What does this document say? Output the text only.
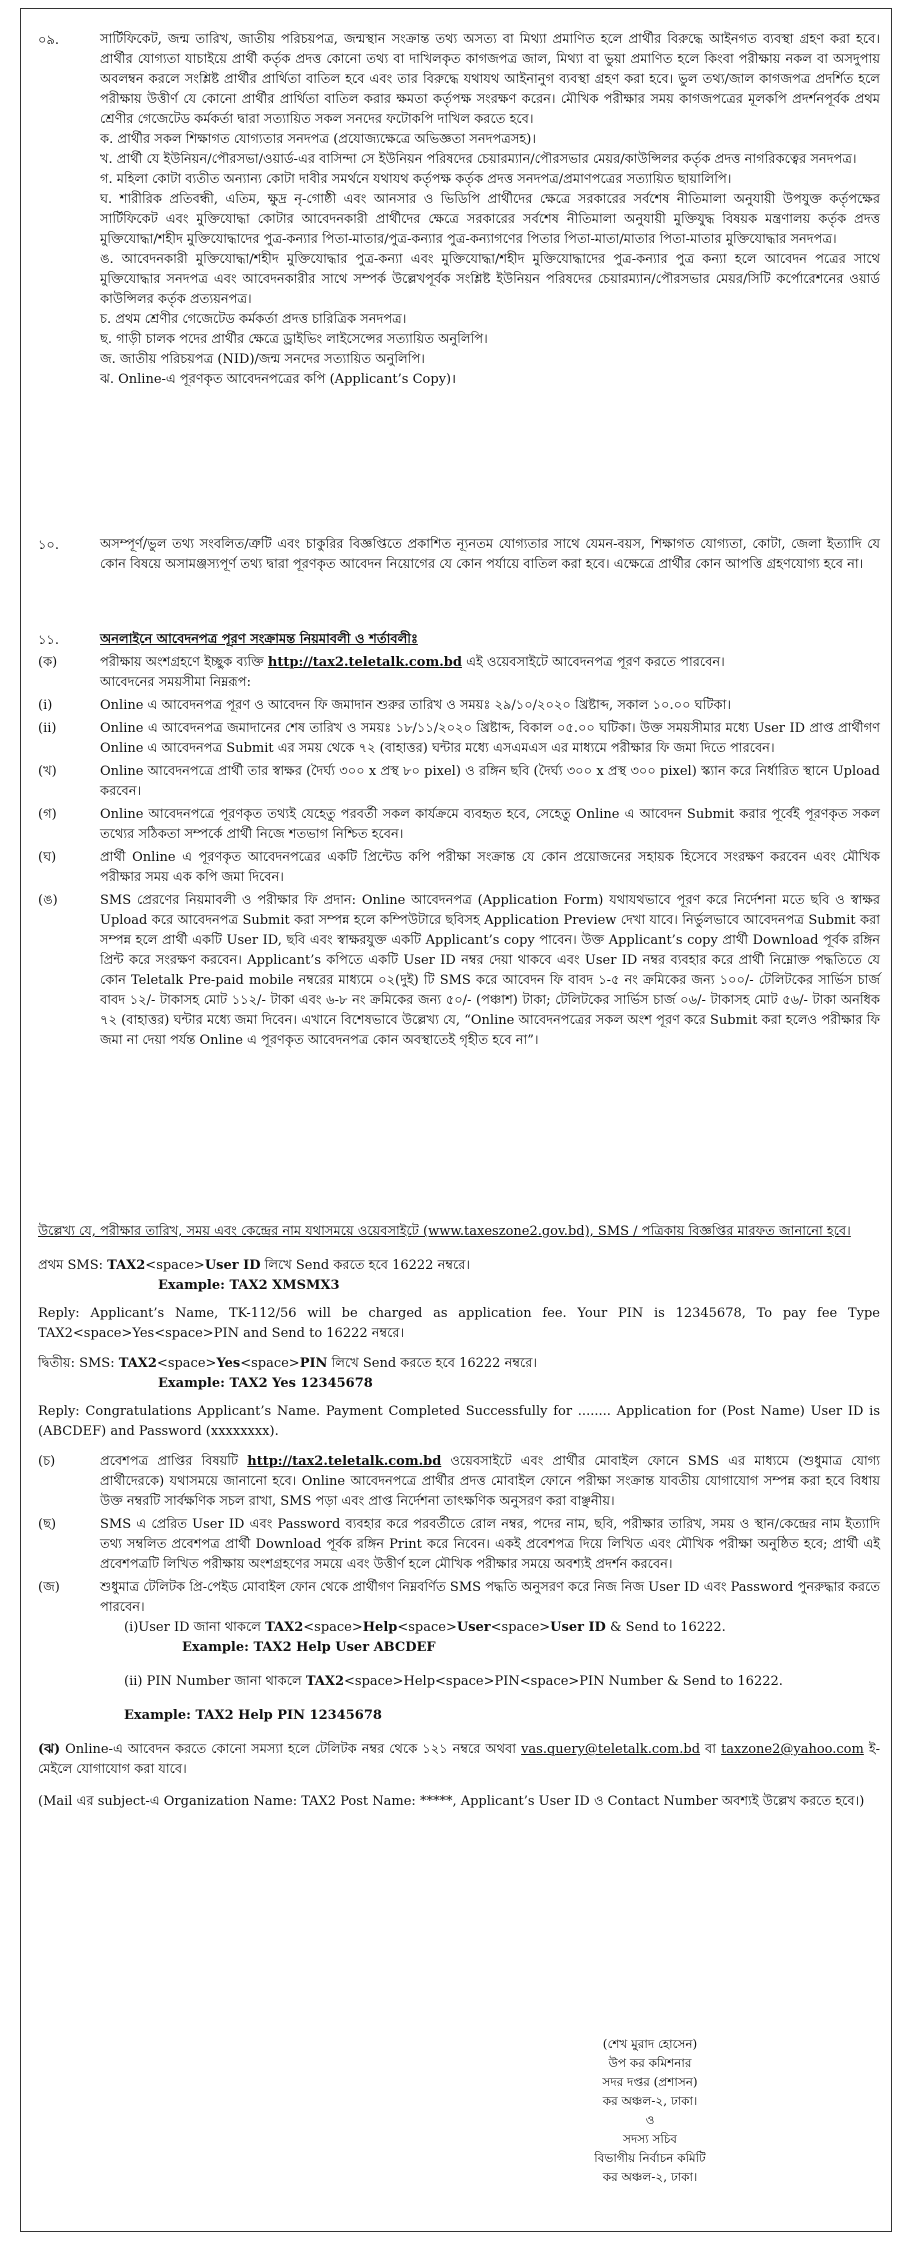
০৯.	সার্টিফিকেট, জন্ম তারিখ, জাতীয় পরিচয়পত্র, জন্মস্থান সংক্রান্ত তথ্য অসত্য বা মিথ্যা প্রমাণিত হলে প্রার্থীর বিরুদ্ধে আইনগত ব্যবস্থা গ্রহণ করা হবে। প্রার্থীর যোগ্যতা যাচাইয়ে প্রার্থী কর্তৃক প্রদত্ত কোনো তথ্য বা দাখিলকৃত কাগজপত্র জাল, মিথ্যা বা ভুয়া প্রমাণিত হলে কিংবা পরীক্ষায় নকল বা অসদুপায় অবলম্বন করলে সংশ্লিষ্ট প্রার্থীর প্রার্থিতা বাতিল হবে এবং তার বিরুদ্ধে যথাযথ আইনানুগ ব্যবস্থা গ্রহণ করা হবে। ভুল তথ্য/জাল কাগজপত্র প্রদর্শিত হলে পরীক্ষায় উত্তীর্ণ যে কোনো প্রার্থীর প্রার্থিতা বাতিল করার ক্ষমতা কর্তৃপক্ষ সংরক্ষণ করেন। মৌখিক পরীক্ষার সময় কাগজপত্রের মূলকপি প্রদর্শনপূর্বক প্রথম শ্রেণীর গেজেটেড কর্মকর্তা দ্বারা সত্যায়িত সকল সনদের ফটোকপি দাখিল করতে হবে।

ক. প্রার্থীর সকল শিক্ষাগত যোগ্যতার সনদপত্র (প্রযোজ্যক্ষেত্রে অভিজ্ঞতা সনদপত্রসহ)।

খ. প্রার্থী যে ইউনিয়ন/পৌরসভা/ওয়ার্ড-এর বাসিন্দা সে ইউনিয়ন পরিষদের চেয়ারম্যান/পৌরসভার মেয়র/কাউন্সিলর কর্তৃক প্রদত্ত নাগরিকত্বের সনদপত্র।

গ. মহিলা কোটা ব্যতীত অন্যান্য কোটা দাবীর সমর্থনে যথাযথ কর্তৃপক্ষ কর্তৃক প্রদত্ত সনদপত্র/প্রমাণপত্রের সত্যায়িত ছায়ালিপি।

ঘ. শারীরিক প্রতিবন্ধী, এতিম, ক্ষুদ্র নৃ-গোষ্ঠী এবং আনসার ও ভিডিপি প্রার্থীদের ক্ষেত্রে সরকারের সর্বশেষ নীতিমালা অনুযায়ী উপযুক্ত কর্তৃপক্ষের সার্টিফিকেট এবং মুক্তিযোদ্ধা কোটার আবেদনকারী প্রার্থীদের ক্ষেত্রে সরকারের সর্বশেষ নীতিমালা অনুযায়ী মুক্তিযুদ্ধ বিষয়ক মন্ত্রণালয় কর্তৃক প্রদত্ত মুক্তিযোদ্ধা/শহীদ মুক্তিযোদ্ধাদের পুত্র-কন্যার পিতা-মাতার/পুত্র-কন্যার পুত্র-কন্যাগণের পিতার পিতা-মাতা/মাতার পিতা-মাতার মুক্তিযোদ্ধার সনদপত্র।

ঙ. আবেদনকারী মুক্তিযোদ্ধা/শহীদ মুক্তিযোদ্ধার পুত্র-কন্যা এবং মুক্তিযোদ্ধা/শহীদ মুক্তিযোদ্ধাদের পুত্র-কন্যার পুত্র কন্যা হলে আবেদন পত্রের সাথে মুক্তিযোদ্ধার সনদপত্র এবং আবেদনকারীর সাথে সম্পর্ক উল্লেখপূর্বক সংশ্লিষ্ট ইউনিয়ন পরিষদের চেয়ারম্যান/পৌরসভার মেয়র/সিটি কর্পোরেশনের ওয়ার্ড কাউন্সিলর কর্তৃক প্রত্যয়নপত্র।

চ. প্রথম শ্রেণীর গেজেটেড কর্মকর্তা প্রদত্ত চারিত্রিক সনদপত্র।

ছ. গাড়ী চালক পদের প্রার্থীর ক্ষেত্রে ড্রাইভিং লাইসেন্সের সত্যায়িত অনুলিপি।

জ. জাতীয় পরিচয়পত্র (NID)/জন্ম সনদের সত্যায়িত অনুলিপি।

ঝ. Online-এ পূরণকৃত আবেদনপত্রের কপি (Applicant’s Copy)।

১০.	অসম্পূর্ণ/ভুল তথ্য সংবলিত/ত্রুটি এবং চাকুরির বিজ্ঞপ্তিতে প্রকাশিত ন্যূনতম যোগ্যতার সাথে যেমন-বয়স, শিক্ষাগত যোগ্যতা, কোটা, জেলা ইত্যাদি যে কোন বিষয়ে অসামঞ্জস্যপূর্ণ তথ্য দ্বারা পূরণকৃত আবেদন নিয়োগের যে কোন পর্যায়ে বাতিল করা হবে। এক্ষেত্রে প্রার্থীর কোন আপত্তি গ্রহণযোগ্য হবে না।

১১.	অনলাইনে আবেদনপত্র পূরণ সংক্রামন্ত নিয়মাবলী ও শর্তাবলীঃ
(ক)	পরীক্ষায় অংশগ্রহণে ইচ্ছুক ব্যক্তি http://tax2.teletalk.com.bd এই ওয়েবসাইটে আবেদনপত্র পূরণ করতে পারবেন।
আবেদনের সময়সীমা নিম্নরূপ:
(i)	Online এ আবেদনপত্র পূরণ ও আবেদন ফি জমাদান শুরুর তারিখ ও সময়ঃ ২৯/১০/২০২০ খ্রিষ্টাব্দ, সকাল ১০.০০ ঘটিকা।
(ii)	Online এ আবেদনপত্র জমাদানের শেষ তারিখ ও সময়ঃ ১৮/১১/২০২০ খ্রিষ্টাব্দ, বিকাল ০৫.০০ ঘটিকা। উক্ত সময়সীমার মধ্যে User ID প্রাপ্ত প্রার্থীগণ Online এ আবেদনপত্র Submit এর সময় থেকে ৭২ (বাহাত্তর) ঘন্টার মধ্যে এসএমএস এর মাধ্যমে পরীক্ষার ফি জমা দিতে পারবেন।
(খ)	Online আবেদনপত্রে প্রার্থী তার স্বাক্ষর (দৈর্ঘ্য ৩০০ x প্রস্থ ৮০ pixel) ও রঙ্গিন ছবি (দৈর্ঘ্য ৩০০ x প্রস্থ ৩০০ pixel) স্ক্যান করে নির্ধারিত স্থানে Upload করবেন।
(গ)	Online আবেদনপত্রে পূরণকৃত তথ্যই যেহেতু পরবর্তী সকল কার্যক্রমে ব্যবহৃত হবে, সেহেতু Online এ আবেদন Submit করার পূর্বেই পূরণকৃত সকল তথ্যের সঠিকতা সম্পর্কে প্রার্থী নিজে শতভাগ নিশ্চিত হবেন।
(ঘ)	প্রার্থী Online এ পূরণকৃত আবেদনপত্রের একটি প্রিন্টেড কপি পরীক্ষা সংক্রান্ত যে কোন প্রয়োজনের সহায়ক হিসেবে সংরক্ষণ করবেন এবং মৌখিক পরীক্ষার সময় এক কপি জমা দিবেন।
(ঙ)	SMS প্রেরণের নিয়মাবলী ও পরীক্ষার ফি প্রদান: Online আবেদনপত্র (Application Form) যথাযথভাবে পূরণ করে নির্দেশনা মতে ছবি ও স্বাক্ষর Upload করে আবেদনপত্র Submit করা সম্পন্ন হলে কম্পিউটারে ছবিসহ Application Preview দেখা যাবে। নির্ভুলভাবে আবেদনপত্র Submit করা সম্পন্ন হলে প্রার্থী একটি User ID, ছবি এবং স্বাক্ষরযুক্ত একটি Applicant’s copy পাবেন। উক্ত Applicant’s copy প্রার্থী Download পূর্বক রঙ্গিন প্রিন্ট করে সংরক্ষণ করবেন। Applicant’s কপিতে একটি User ID নম্বর দেয়া থাকবে এবং User ID নম্বর ব্যবহার করে প্রার্থী নিম্নোক্ত পদ্ধতিতে যে কোন Teletalk Pre-paid mobile নম্বরের মাধ্যমে ০২(দুই) টি SMS করে আবেদন ফি বাবদ ১-৫ নং ক্রমিকের জন্য ১০০/- টেলিটকের সার্ভিস চার্জ বাবদ ১২/- টাকাসহ মোট ১১২/- টাকা এবং ৬-৮ নং ক্রমিকের জন্য ৫০/- (পঞ্চাশ) টাকা; টেলিটকের সার্ভিস চার্জ ০৬/- টাকাসহ মোট ৫৬/- টাকা অনধিক ৭২ (বাহাত্তর) ঘন্টার মধ্যে জমা দিবেন। এখানে বিশেষভাবে উল্লেখ্য যে, “Online আবেদনপত্রের সকল অংশ পূরণ করে Submit করা হলেও পরীক্ষার ফি জমা না দেয়া পর্যন্ত Online এ পূরণকৃত আবেদনপত্র কোন অবস্থাতেই গৃহীত হবে না”।

উল্লেখ্য যে, পরীক্ষার তারিখ, সময় এবং কেন্দ্রের নাম যথাসময়ে ওয়েবসাইটে (www.taxeszone2.gov.bd), SMS / পত্রিকায় বিজ্ঞপ্তির মারফত জানানো হবে।

প্রথম SMS: TAX2<space>User ID লিখে Send করতে হবে 16222 নম্বরে।

Example: TAX2 XMSMX3

Reply: Applicant’s Name, TK-112/56 will be charged as application fee. Your PIN is 12345678, To pay fee Type TAX2<space>Yes<space>PIN and Send to 16222 নম্বরে।

দ্বিতীয়: SMS: TAX2<space>Yes<space>PIN লিখে Send করতে হবে 16222 নম্বরে।

Example: TAX2 Yes 12345678

Reply: Congratulations Applicant’s Name. Payment Completed Successfully for ........ Application for (Post Name) User ID is (ABCDEF) and Password (xxxxxxxx).

(চ)	প্রবেশপত্র প্রাপ্তির বিষয়টি http://tax2.teletalk.com.bd ওয়েবসাইটে এবং প্রার্থীর মোবাইল ফোনে SMS এর মাধ্যমে (শুধুমাত্র যোগ্য প্রার্থীদেরকে) যথাসময়ে জানানো হবে। Online আবেদনপত্রে প্রার্থীর প্রদত্ত মোবাইল ফোনে পরীক্ষা সংক্রান্ত যাবতীয় যোগাযোগ সম্পন্ন করা হবে বিধায় উক্ত নম্বরটি সার্বক্ষণিক সচল রাখা, SMS পড়া এবং প্রাপ্ত নির্দেশনা তাৎক্ষণিক অনুসরণ করা বাঞ্ছনীয়।
(ছ)	SMS এ প্রেরিত User ID এবং Password ব্যবহার করে পরবর্তীতে রোল নম্বর, পদের নাম, ছবি, পরীক্ষার তারিখ, সময় ও স্থান/কেন্দ্রের নাম ইত্যাদি তথ্য সম্বলিত প্রবেশপত্র প্রার্থী Download পূর্বক রঙ্গিন Print করে নিবেন। একই প্রবেশপত্র দিয়ে লিখিত এবং মৌখিক পরীক্ষা অনুষ্ঠিত হবে; প্রার্থী এই প্রবেশপত্রটি লিখিত পরীক্ষায় অংশগ্রহণের সময়ে এবং উত্তীর্ণ হলে মৌখিক পরীক্ষার সময়ে অবশ্যই প্রদর্শন করবেন।
(জ)	শুধুমাত্র টেলিটক প্রি-পেইড মোবাইল ফোন থেকে প্রার্থীগণ নিম্নবর্ণিত SMS পদ্ধতি অনুসরণ করে নিজ নিজ User ID এবং Password পুনরুদ্ধার করতে পারবেন।

(i)User ID জানা থাকলে TAX2<space>Help<space>User<space>User ID & Send to 16222.

Example: TAX2 Help User ABCDEF

(ii) PIN Number জানা থাকলে TAX2<space>Help<space>PIN<space>PIN Number & Send to 16222.

Example: TAX2 Help PIN 12345678

(ঝ) Online-এ আবেদন করতে কোনো সমস্যা হলে টেলিটক নম্বর থেকে ১২১ নম্বরে অথবা vas.query@teletalk.com.bd বা taxzone2@yahoo.com ই-মেইলে যোগাযোগ করা যাবে।

(Mail এর subject-এ Organization Name: TAX2 Post Name: *****, Applicant’s User ID ও Contact Number অবশ্যই উল্লেখ করতে হবে।)

(শেখ মুরাদ হোসেন)

উপ কর কমিশনার

সদর দপ্তর (প্রশাসন)

কর অঞ্চল-২, ঢাকা।

ও

সদস্য সচিব

বিভাগীয় নির্বাচন কমিটি

কর অঞ্চল-২, ঢাকা।
